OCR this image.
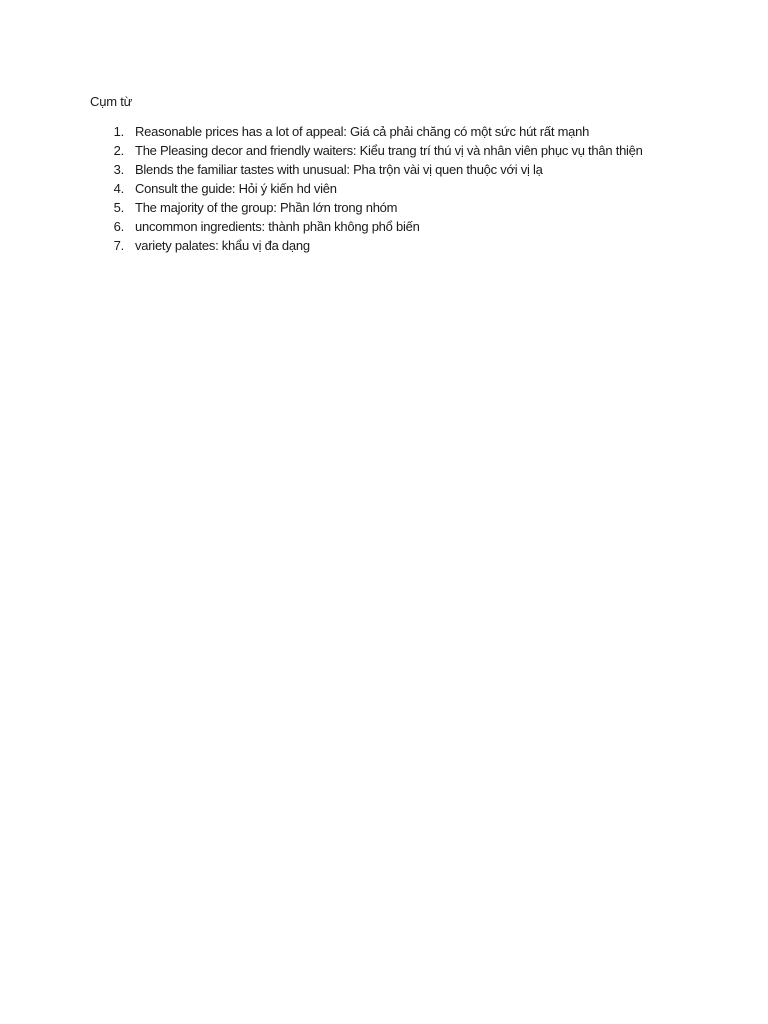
Cụm từ
1. Reasonable prices has a lot of appeal: Giá cả phải chăng có một sức hút rất mạnh
2. The Pleasing decor and friendly waiters: Kiểu trang trí thú vị và nhân viên phục vụ thân thiện
3. Blends the familiar tastes with unusual: Pha trộn vài vị quen thuộc với vị lạ
4. Consult the guide: Hỏi ý kiến hd viên
5. The majority of the group: Phần lớn trong nhóm
6. uncommon ingredients: thành phần không phổ biến
7. variety palates: khẩu vị đa dạng
